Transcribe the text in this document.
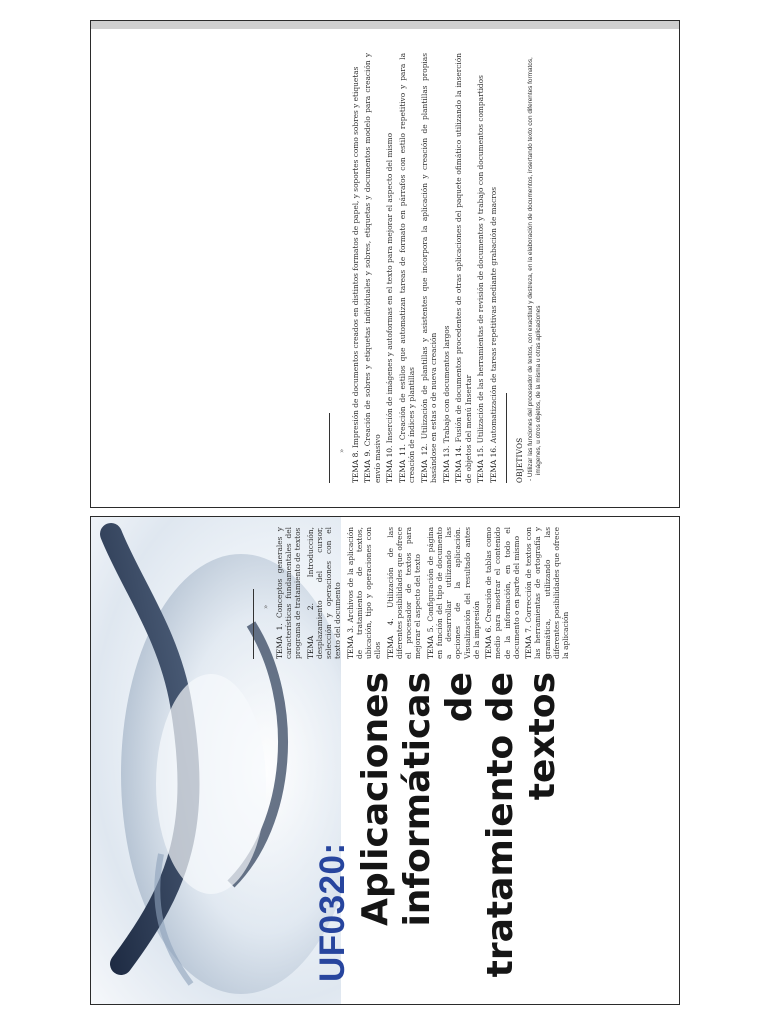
» TEMA 8. Impresión de documentos creados en distintos formatos de papel, y soportes como sobres y etiquetas

TEMA 9. Creación de sobres y etiquetas individuales y sobres, etiquetas y documentos modelo para creación y envío masivo TEMA 10. Inserción de imágenes y autoformas en el texto para mejorar el aspecto del mismo

TEMA 11. Creación de estilos que automatizan tareas de formato en párrafos con estilo repetitivo y para la creación de índices y plantillas TEMA 12. Utilización de plantillas y asistentes que incorpora la aplicación y creación de plantillas propias basándose en estas o de nueva creación TEMA 13. Trabajo con documentos largos

TEMA 14. Fusión de documentos procedentes de otras aplicaciones del paquete ofimático utilizando la inserción de objetos del menú Insertar TEMA 15. Utilización de las herramientas de revisión de documentos y trabajo con documentos compartidos

TEMA 16. Automatización de tareas repetitivas mediante grabación de macros

OBJETIVOS - Utilizar las funciones del procesador de textos, con exactitud y destreza, en la elaboración de documentos, insertando texto con diferentes formatos, imágenes, u otros objetos, de la misma u otras aplicaciones
UF0320: Aplicaciones informáticas de tratamiento de textos
»

TEMA 1. Conceptos generales y características fundamentales del programa de tratamiento de textos TEMA 2. Introducción, desplazamiento del cursor, selección y operaciones con el texto del documento TEMA 3. Archivos de la aplicación de tratamiento de textos, ubicación, tipo y operaciones con ellos TEMA 4. Utilización de las diferentes posibilidades que ofrece el procesador de textos para mejorar el aspecto del texto TEMA 5. Configuración de página en función del tipo de documento a desarrollar utilizando las opciones de la aplicación. Visualización del resultado antes de la impresión TEMA 6. Creación de tablas como medio para mostrar el contenido de la información, en todo el documento o en parte del mismo TEMA 7. Corrección de textos con las herramientas de ortografía y gramática, utilizando las diferentes posibilidades que ofrece la aplicación
